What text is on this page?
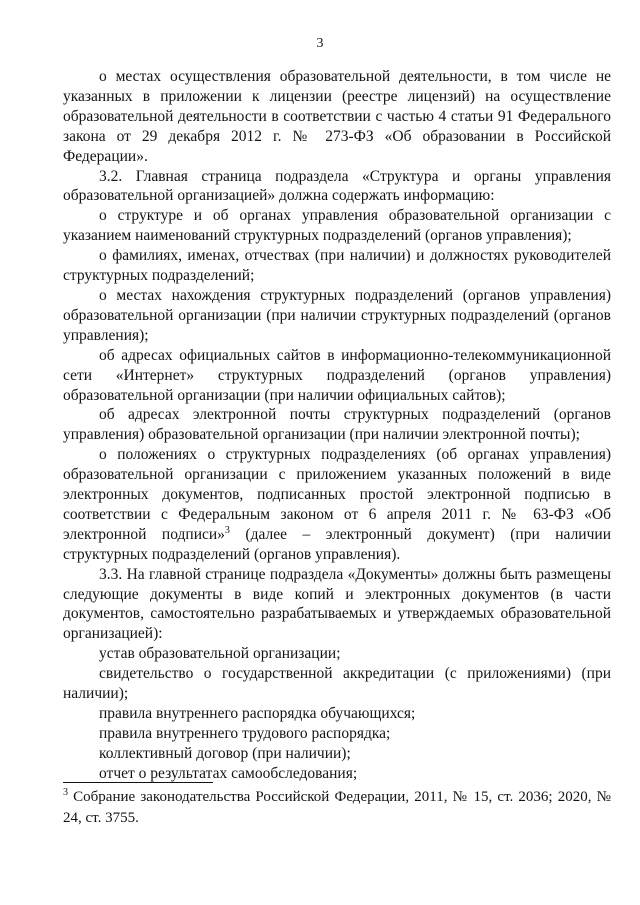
3

о местах осуществления образовательной деятельности, в том числе не указанных в приложении к лицензии (реестре лицензий) на осуществление образовательной деятельности в соответствии с частью 4 статьи 91 Федерального закона от 29 декабря 2012 г. № 273-ФЗ «Об образовании в Российской Федерации».

3.2. Главная страница подраздела «Структура и органы управления образовательной организацией» должна содержать информацию:

о структуре и об органах управления образовательной организации с указанием наименований структурных подразделений (органов управления);

о фамилиях, именах, отчествах (при наличии) и должностях руководителей структурных подразделений;

о местах нахождения структурных подразделений (органов управления) образовательной организации (при наличии структурных подразделений (органов управления);

об адресах официальных сайтов в информационно-телекоммуникационной сети «Интернет» структурных подразделений (органов управления) образовательной организации (при наличии официальных сайтов);

об адресах электронной почты структурных подразделений (органов управления) образовательной организации (при наличии электронной почты);

о положениях о структурных подразделениях (об органах управления) образовательной организации с приложением указанных положений в виде электронных документов, подписанных простой электронной подписью в соответствии с Федеральным законом от 6 апреля 2011 г. № 63-ФЗ «Об электронной подписи»$^3$ (далее – электронный документ) (при наличии структурных подразделений (органов управления).

3.3. На главной странице подраздела «Документы» должны быть размещены следующие документы в виде копий и электронных документов (в части документов, самостоятельно разрабатываемых и утверждаемых образовательной организацией):

устав образовательной организации;
свидетельство о государственной аккредитации (с приложениями) (при наличии);
правила внутреннего распорядка обучающихся;
правила внутреннего трудового распорядка;
коллективный договор (при наличии);
отчет о результатах самообследования;
$^3$ Собрание законодательства Российской Федерации, 2011, № 15, ст. 2036; 2020, № 24, ст. 3755.
